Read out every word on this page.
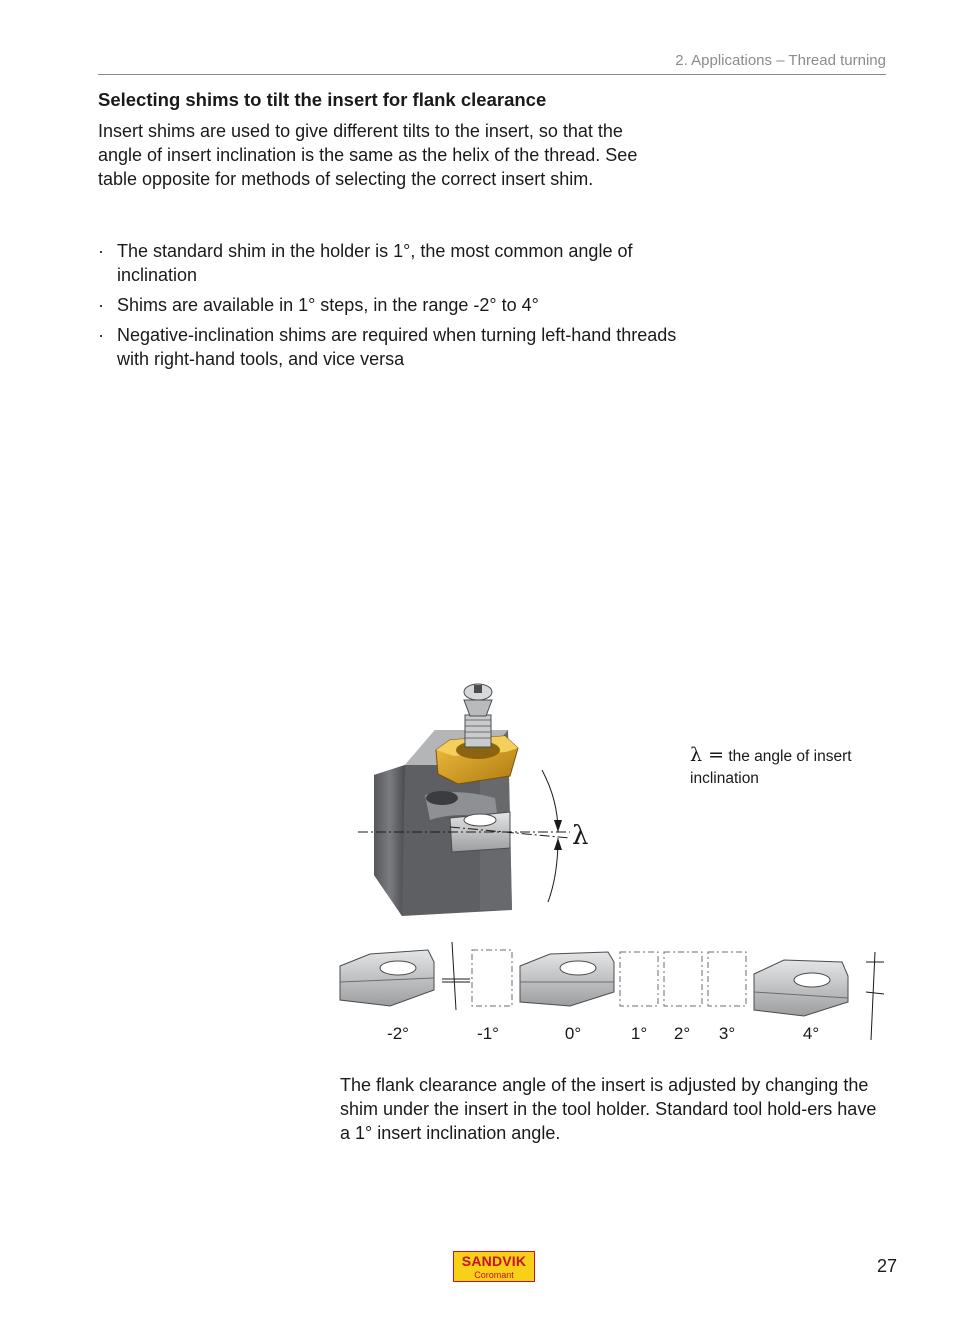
2. Applications – Thread turning
Selecting shims to tilt the insert for flank clearance

Insert shims are used to give different tilts to the insert, so that the angle of insert inclination is the same as the helix of the thread. See table opposite for methods of selecting the correct insert shim.

· The standard shim in the holder is 1°, the most common angle of inclination
· Shims are available in 1° steps, in the range -2° to 4°
· Negative-inclination shims are required when turning left-hand threads with right-hand tools, and vice versa
λ
-2°	-1°	0°	1° 2° 3°	4°
λ = the angle of insert inclination

The flank clearance angle of the insert is adjusted by changing the shim under the insert in the tool holder. Standard tool hold-ers have a 1° insert inclination angle.

SANDVIK
Coromant	27
